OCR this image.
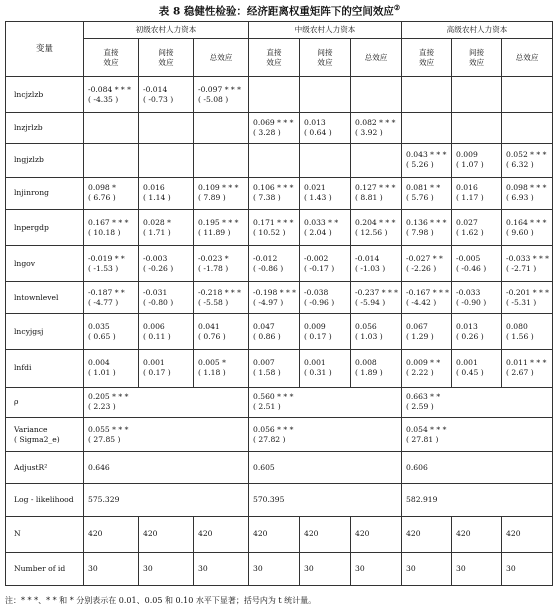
表 8 稳健性检验：经济距离权重矩阵下的空间效应②
变量	初级农村人力资本			中级农村人力资本			高级农村人力资本		

	直接
效应	间接
效应	总效应	直接
效应	间接
效应	总效应	直接
效应	间接
效应	总效应

lncjzlzb	-0.084 * * *
( -4.35 )	-0.014
( -0.73 )	-0.097 * * *
( -5.08 )						

lnzjrlzb				0.069 * * *
( 3.28 )	0.013
( 0.64 )	0.082 * * *
( 3.92 )			

lngjzlzb							0.043 * * *
( 5.26 )	0.009
( 1.07 )	0.052 * * *
( 6.32 )

lnjinrong	0.098 *
( 6.76 )	0.016
( 1.14 )	0.109 * * *
( 7.89 )	0.106 * * *
( 7.38 )	0.021
( 1.43 )	0.127 * * *
( 8.81 )	0.081 * *
( 5.76 )	0.016
( 1.17 )	0.098 * * *
( 6.93 )

lnpergdp	0.167 * * *
( 10.18 )	0.028 *
( 1.71 )	0.195 * * *
( 11.89 )	0.171 * * *
( 10.52 )	0.033 * *
( 2.04 )	0.204 * * *
( 12.56 )	0.136 * * *
( 7.98 )	0.027
( 1.62 )	0.164 * * *
( 9.60 )

lngov	-0.019 * *
( -1.53 )	-0.003
( -0.26 )	-0.023 *
( -1.78 )	-0.012
( -0.86 )	-0.002
( -0.17 )	-0.014
( -1.03 )	-0.027 * *
( -2.26 )	-0.005
( -0.46 )	-0.033 * * *
( -2.71 )

lntownlevel	-0.187 * *
( -4.77 )	-0.031
( -0.80 )	-0.218 * * *
( -5.58 )	-0.198 * * *
( -4.97 )	-0.038
( -0.96 )	-0.237 * * *
( -5.94 )	-0.167 * * *
( -4.42 )	-0.033
( -0.90 )	-0.201 * * *
( -5.31 )

lncyjgsj	0.035
( 0.65 )	0.006
( 0.11 )	0.041
( 0.76 )	0.047
( 0.86 )	0.009
( 0.17 )	0.056
( 1.03 )	0.067
( 1.29 )	0.013
( 0.26 )	0.080
( 1.56 )

lnfdi	0.004
( 1.01 )	0.001
( 0.17 )	0.005 *
( 1.18 )	0.007
( 1.58 )	0.001
( 0.31 )	0.008
( 1.89 )	0.009 * *
( 2.22 )	0.001
( 0.45 )	0.011 * * *
( 2.67 )

ρ	0.205 * * *
( 2.23 )			0.560 * * *
( 2.51 )			0.663 * *
( 2.59 )		

Variance
( Sigma2_e)	0.055 * * *
( 27.85 )			0.056 * * *
( 27.82 )			0.054 * * *
( 27.81 )		

AdjustR²	0.646			0.605			0.606		
Log - likelihood	575.329			570.395			582.919		
N	420	420	420	420	420	420	420	420	420
Number of id	30	30	30	30	30	30	30	30	30
注：* * *、* * 和 * 分别表示在 0.01、0.05 和 0.10 水平下显著；括号内为 t 统计量。
